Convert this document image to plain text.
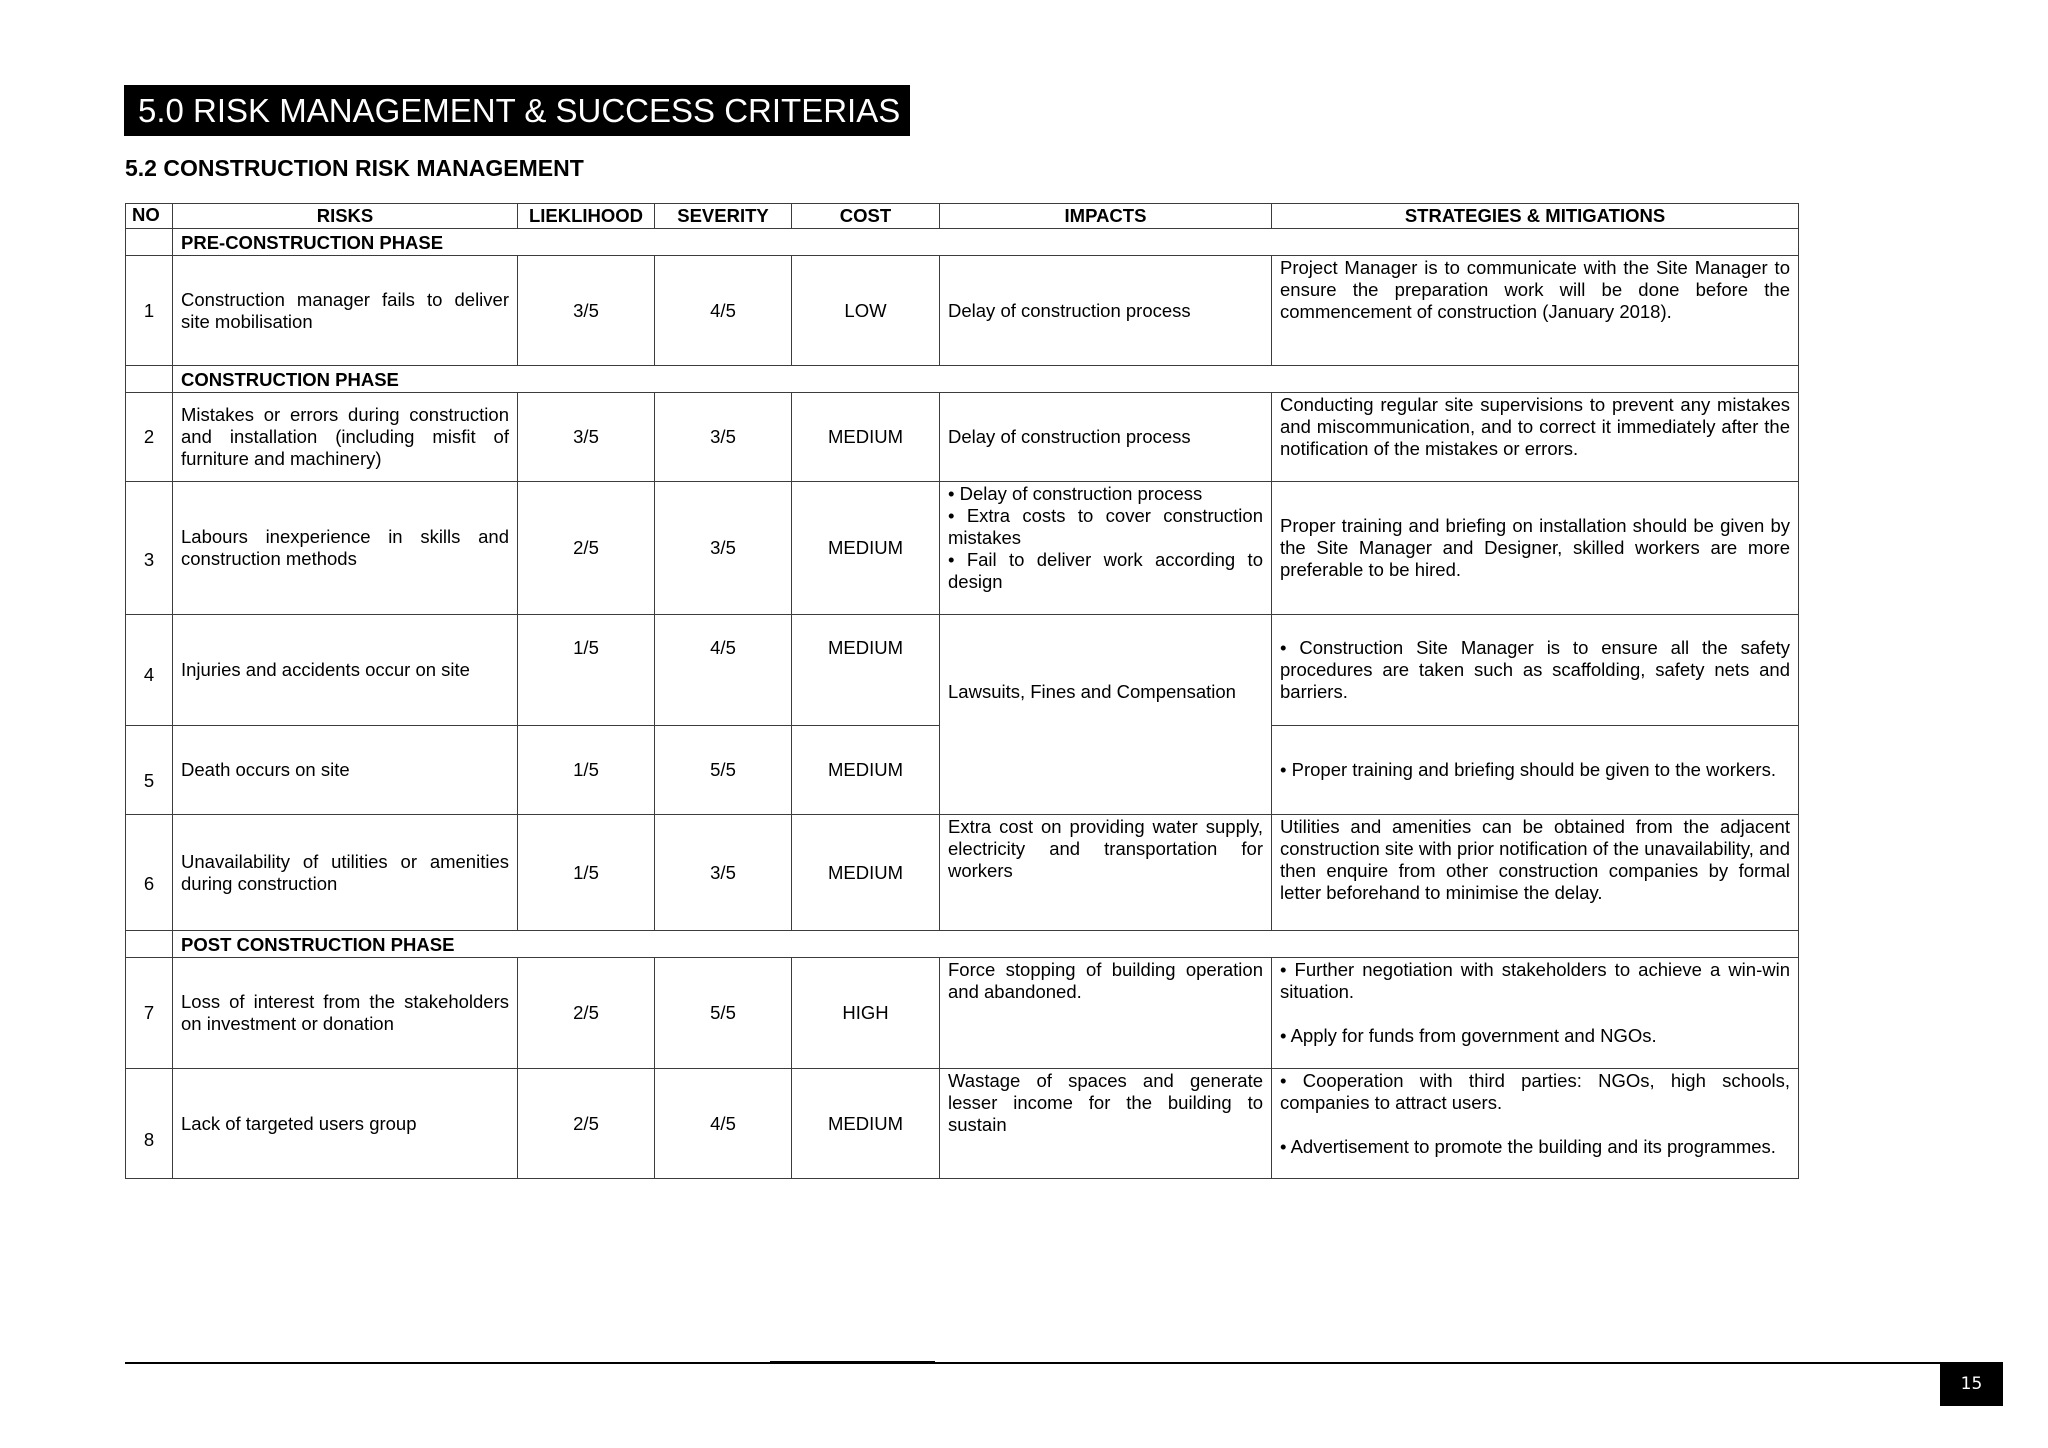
5.0 RISK MANAGEMENT & SUCCESS CRITERIAS
5.2 CONSTRUCTION RISK MANAGEMENT
NO	RISKS	LIEKLIHOOD	SEVERITY	COST	IMPACTS	STRATEGIES & MITIGATIONS
	PRE-CONSTRUCTION PHASE					
1	Construction manager fails to deliver site mobilisation	3/5	4/5	LOW	Delay of construction process	Project Manager is to communicate with the Site Manager to ensure the preparation work will be done before the commencement of construction (January 2018).
	CONSTRUCTION PHASE					
2	Mistakes or errors during construction and installation (including misfit of furniture and machinery)	3/5	3/5	MEDIUM	Delay of construction process	Conducting regular site supervisions to prevent any mistakes and miscommunication, and to correct it immediately after the notification of the mistakes or errors.
3	Labours inexperience in skills and construction methods	2/5	3/5	MEDIUM	• Delay of construction process
• Extra costs to cover construction mistakes
• Fail to deliver work according to design	Proper training and briefing on installation should be given by the Site Manager and Designer, skilled workers are more preferable to be hired.
4	Injuries and accidents occur on site	1/5	4/5	MEDIUM	Lawsuits, Fines and Compensation	• Construction Site Manager is to ensure all the safety procedures are taken such as scaffolding, safety nets and barriers.
5	Death occurs on site	1/5	5/5	MEDIUM		• Proper training and briefing should be given to the workers.
6	Unavailability of utilities or amenities during construction	1/5	3/5	MEDIUM	Extra cost on providing water supply, electricity and transportation for workers	Utilities and amenities can be obtained from the adjacent construction site with prior notification of the unavailability, and then enquire from other construction companies by formal letter beforehand to minimise the delay.
	POST CONSTRUCTION PHASE					
7	Loss of interest from the stakeholders on investment or donation	2/5	5/5	HIGH	Force stopping of building operation and abandoned.	• Further negotiation with stakeholders to achieve a win-win situation.
• Apply for funds from government and NGOs.

8	Lack of targeted users group	2/5	4/5	MEDIUM	Wastage of spaces and generate lesser income for the building to sustain	• Cooperation with third parties: NGOs, high schools, companies to attract users.
• Advertisement to promote the building and its programmes.
15
